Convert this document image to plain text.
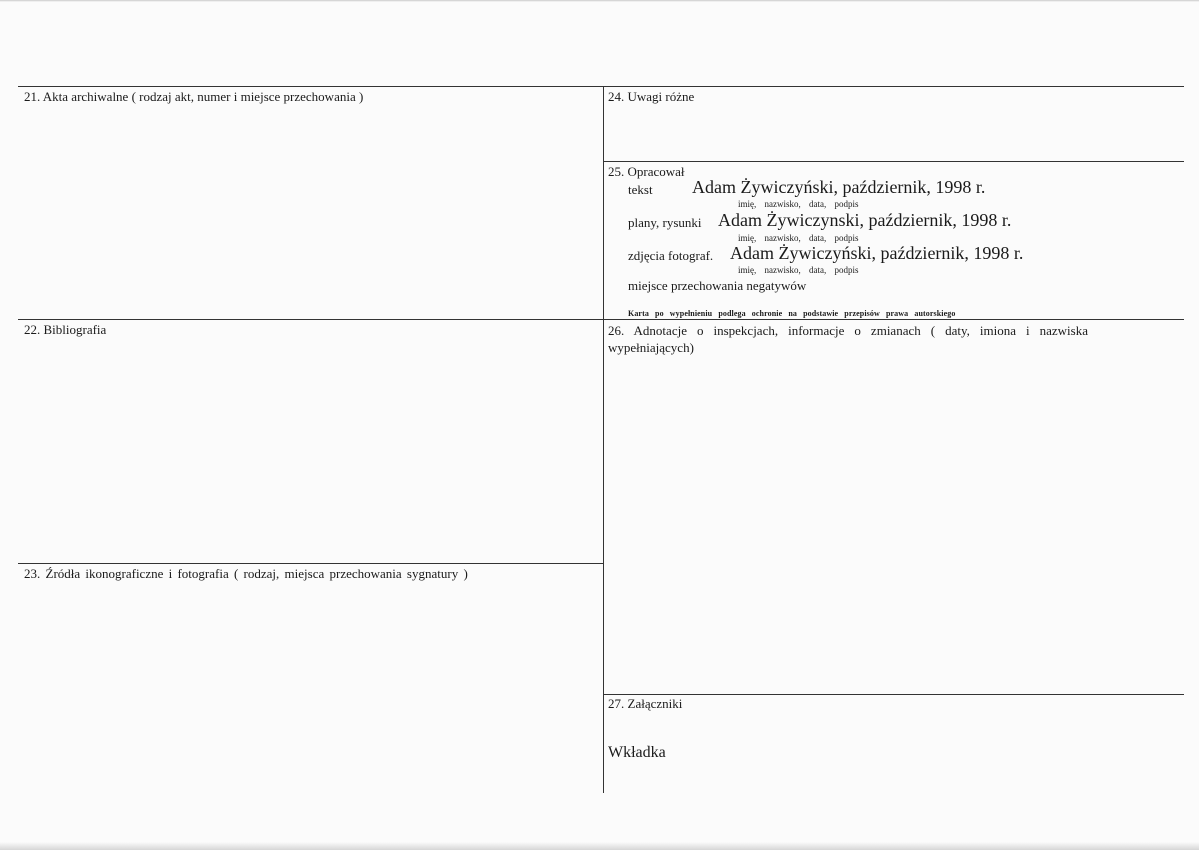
21. Akta archiwalne ( rodzaj akt, numer i miejsce przechowania )
22. Bibliografia
23. Źródła ikonograficzne i fotografia ( rodzaj, miejsca przechowania sygnatury )
24. Uwagi różne
25. Opracował
tekst Adam Żywiczyński, październik, 1998 r.
imię, nazwisko, data, podpis
plany, rysunki Adam Żywiczynski, październik, 1998 r.
imię, nazwisko, data, podpis
zdjęcia fotograf. Adam Żywiczyński, październik, 1998 r.
imię, nazwisko, data, podpis
miejsce przechowania negatywów
Karta po wypełnieniu podlega ochronie na podstawie przepisów prawa autorskiego
26. Adnotacje o inspekcjach, informacje o zmianach ( daty, imiona i nazwiska wypełniających)
27. Załączniki
Wkładka
